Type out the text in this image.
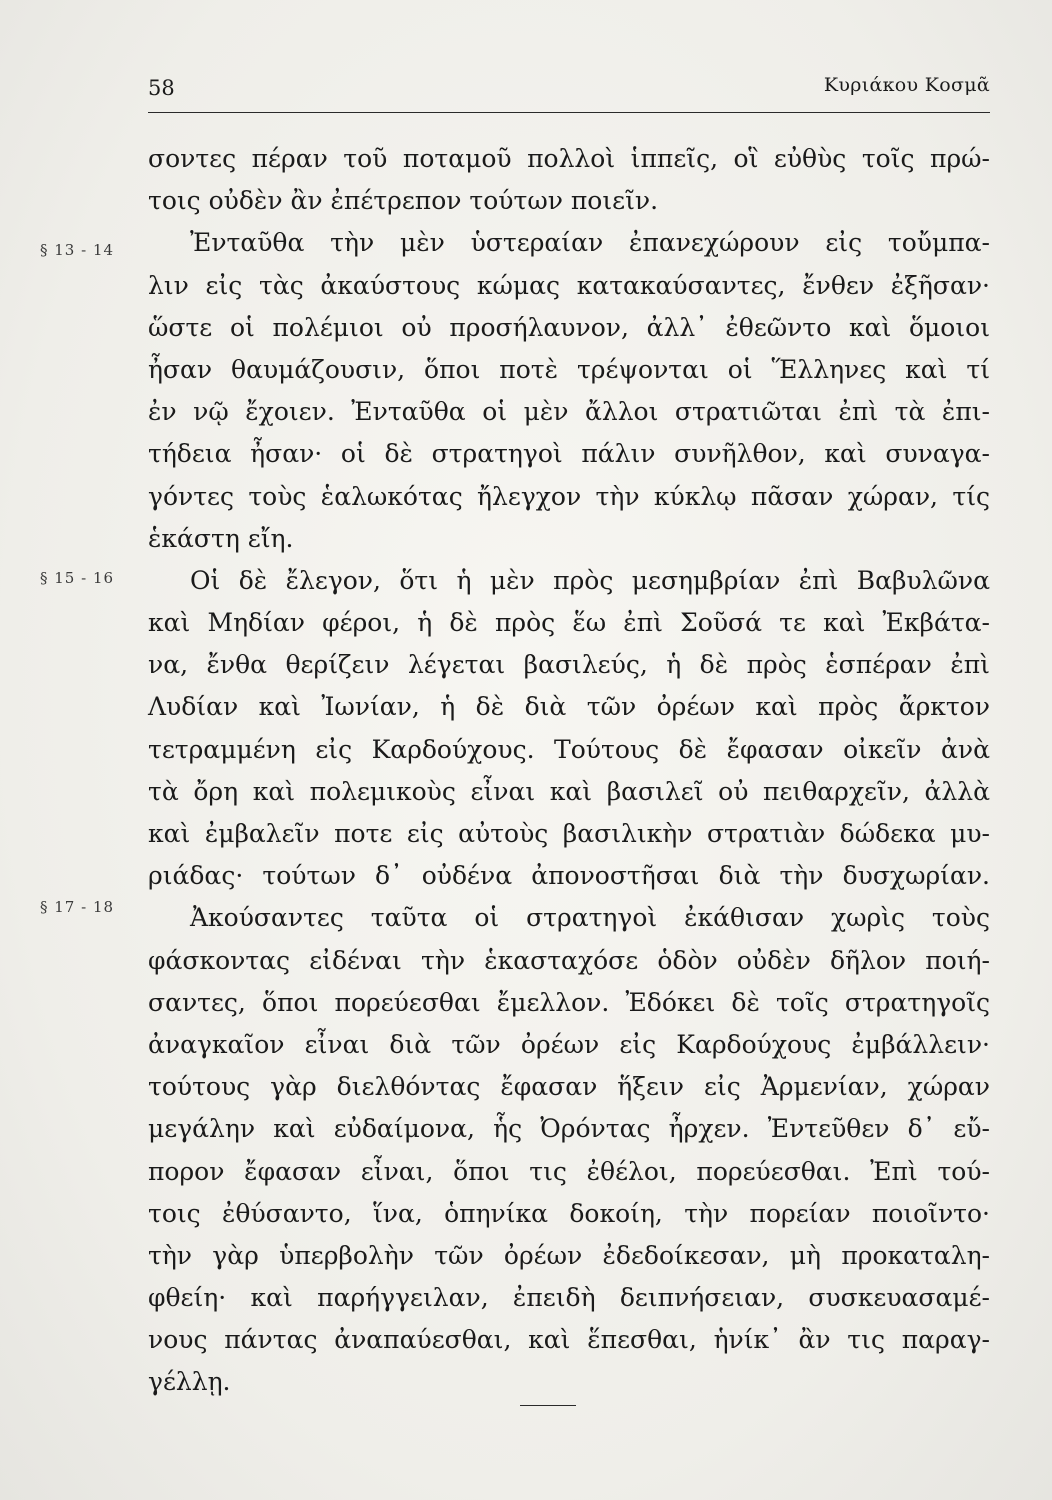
58	Κυριάκου Κοσμᾶ
§ 13 - 14
§ 15 - 16
§ 17 - 18
σοντες πέραν τοῦ ποταμοῦ πολλοὶ ἱππεῖς, οἳ εὐθὺς τοῖς πρώ-
τοις οὐδὲν ἂν ἐπέτρεπον τούτων ποιεῖν.
Ἐνταῦθα τὴν μὲν ὑστεραίαν ἐπανεχώρουν εἰς τοὔμπα-
λιν εἰς τὰς ἀκαύστους κώμας κατακαύσαντες, ἔνθεν ἐξῆσαν·
ὥστε οἱ πολέμιοι οὐ προσήλαυνον, ἀλλ᾽ ἐθεῶντο καὶ ὅμοιοι
ἦσαν θαυμάζουσιν, ὅποι ποτὲ τρέψονται οἱ Ἕλληνες καὶ τί
ἐν νῷ ἔχοιεν. Ἐνταῦθα οἱ μὲν ἄλλοι στρατιῶται ἐπὶ τὰ ἐπι-
τήδεια ἦσαν· οἱ δὲ στρατηγοὶ πάλιν συνῆλθον, καὶ συναγα-
γόντες τοὺς ἑαλωκότας ἤλεγχον τὴν κύκλῳ πᾶσαν χώραν, τίς
ἑκάστη εἴη.
Οἱ δὲ ἔλεγον, ὅτι ἡ μὲν πρὸς μεσημβρίαν ἐπὶ Βαβυλῶνα
καὶ Μηδίαν φέροι, ἡ δὲ πρὸς ἕω ἐπὶ Σοῦσά τε καὶ Ἐκβάτα-
να, ἔνθα θερίζειν λέγεται βασιλεύς, ἡ δὲ πρὸς ἑσπέραν ἐπὶ
Λυδίαν καὶ Ἰωνίαν, ἡ δὲ διὰ τῶν ὀρέων καὶ πρὸς ἄρκτον
τετραμμένη εἰς Καρδούχους. Τούτους δὲ ἔφασαν οἰκεῖν ἀνὰ
τὰ ὄρη καὶ πολεμικοὺς εἶναι καὶ βασιλεῖ οὐ πειθαρχεῖν, ἀλλὰ
καὶ ἐμβαλεῖν ποτε εἰς αὐτοὺς βασιλικὴν στρατιὰν δώδεκα μυ-
ριάδας· τούτων δ᾽ οὐδένα ἀπονοστῆσαι διὰ τὴν δυσχωρίαν.
Ἀκούσαντες ταῦτα οἱ στρατηγοὶ ἐκάθισαν χωρὶς τοὺς
φάσκοντας εἰδέναι τὴν ἑκασταχόσε ὁδὸν οὐδὲν δῆλον ποιή-
σαντες, ὅποι πορεύεσθαι ἔμελλον. Ἐδόκει δὲ τοῖς στρατηγοῖς
ἀναγκαῖον εἶναι διὰ τῶν ὀρέων εἰς Καρδούχους ἐμβάλλειν·
τούτους γὰρ διελθόντας ἔφασαν ἥξειν εἰς Ἀρμενίαν, χώραν
μεγάλην καὶ εὐδαίμονα, ἧς Ὀρόντας ἦρχεν. Ἐντεῦθεν δ᾽ εὔ-
πορον ἔφασαν εἶναι, ὅποι τις ἐθέλοι, πορεύεσθαι. Ἐπὶ τού-
τοις ἐθύσαντο, ἵνα, ὁπηνίκα δοκοίη, τὴν πορείαν ποιοῖντο·
τὴν γὰρ ὑπερβολὴν τῶν ὀρέων ἐδεδοίκεσαν, μὴ προκαταλη-
φθείη· καὶ παρήγγειλαν, ἐπειδὴ δειπνήσειαν, συσκευασαμέ-
νους πάντας ἀναπαύεσθαι, καὶ ἕπεσθαι, ἡνίκ᾽ ἂν τις παραγ-
γέλλῃ.
